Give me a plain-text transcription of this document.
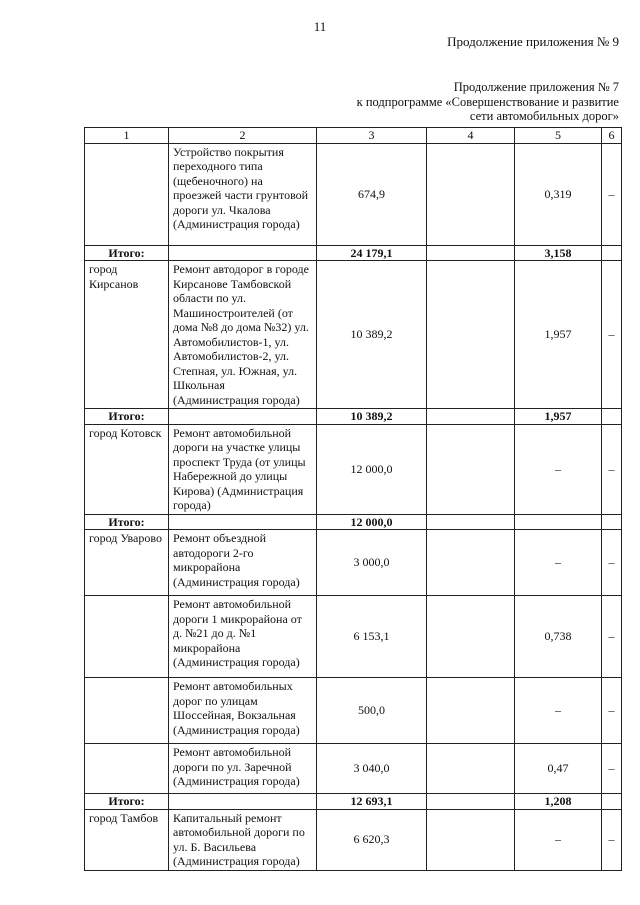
11
Продолжение приложения № 9
Продолжение приложения № 7
к подпрограмме «Совершенствование и развитие
сети автомобильных дорог»
1	2	3	4	5	6
	Устройство покрытия переходного типа (щебеночного) на проезжей части грунтовой дороги ул. Чкалова (Администрация города)	674,9		0,319	–
Итого:		24 179,1		3,158	
город Кирсанов	Ремонт автодорог в городе Кирсанове Тамбовской области по ул. Машиностроителей (от дома №8 до дома №32) ул. Автомобилистов-1, ул. Автомобилистов-2, ул. Степная, ул. Южная, ул. Школьная (Администрация города)	10 389,2		1,957	–
Итого:		10 389,2		1,957	
город Котовск	Ремонт автомобильной дороги на участке улицы проспект Труда (от улицы Набережной до улицы Кирова) (Администрация города)	12 000,0		–	–
Итого:		12 000,0			
город Уварово	Ремонт объездной автодороги 2-го микрорайона (Администрация города)	3 000,0		–	–
	Ремонт автомобильной дороги 1 микрорайона от д. №21 до д. №1 микрорайона (Администрация города)	6 153,1		0,738	–
	Ремонт автомобильных дорог по улицам Шоссейная, Вокзальная (Администрация города)	500,0		–	–
	Ремонт автомобильной дороги по ул. Заречной (Администрация города)	3 040,0		0,47	–
Итого:		12 693,1		1,208	
город Тамбов	Капитальный ремонт автомобильной дороги по ул. Б. Васильева (Администрация города)	6 620,3		–	–
